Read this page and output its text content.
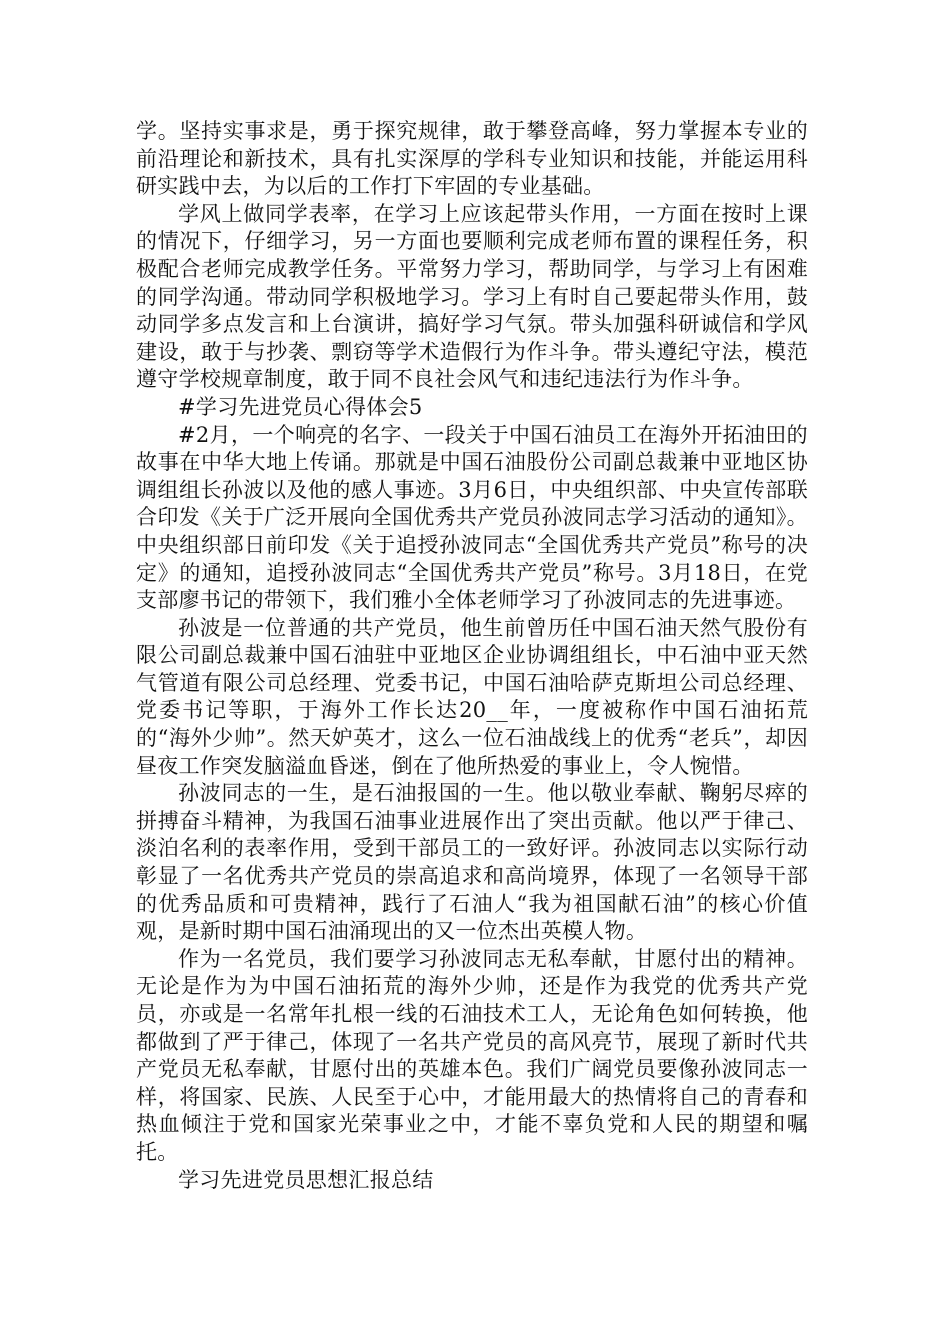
学。坚持实事求是，勇于探究规律，敢于攀登高峰，努力掌握本专业的前沿理论和新技术，具有扎实深厚的学科专业知识和技能，并能运用科研实践中去，为以后的工作打下牢固的专业基础。

学风上做同学表率，在学习上应该起带头作用，一方面在按时上课的情况下，仔细学习，另一方面也要顺利完成老师布置的课程任务，积极配合老师完成教学任务。平常努力学习，帮助同学，与学习上有困难的同学沟通。带动同学积极地学习。学习上有时自己要起带头作用，鼓动同学多点发言和上台演讲，搞好学习气氛。带头加强科研诚信和学风建设，敢于与抄袭、剽窃等学术造假行为作斗争。带头遵纪守法，模范遵守学校规章制度，敢于同不良社会风气和违纪违法行为作斗争。

#学习先进党员心得体会5

#2月，一个响亮的名字、一段关于中国石油员工在海外开拓油田的故事在中华大地上传诵。那就是中国石油股份公司副总裁兼中亚地区协调组组长孙波以及他的感人事迹。3月6日，中央组织部、中央宣传部联合印发《关于广泛开展向全国优秀共产党员孙波同志学习活动的通知》。中央组织部日前印发《关于追授孙波同志“全国优秀共产党员”称号的决定》的通知，追授孙波同志“全国优秀共产党员”称号。3月18日，在党支部廖书记的带领下，我们雅小全体老师学习了孙波同志的先进事迹。

孙波是一位普通的共产党员，他生前曾历任中国石油天然气股份有限公司副总裁兼中国石油驻中亚地区企业协调组组长，中石油中亚天然气管道有限公司总经理、党委书记，中国石油哈萨克斯坦公司总经理、党委书记等职，于海外工作长达20__年，一度被称作中国石油拓荒的“海外少帅”。然天妒英才，这么一位石油战线上的优秀“老兵”，却因昼夜工作突发脑溢血昏迷，倒在了他所热爱的事业上，令人惋惜。

孙波同志的一生，是石油报国的一生。他以敬业奉献、鞠躬尽瘁的拼搏奋斗精神，为我国石油事业进展作出了突出贡献。他以严于律己、淡泊名利的表率作用，受到干部员工的一致好评。孙波同志以实际行动彰显了一名优秀共产党员的崇高追求和高尚境界，体现了一名领导干部的优秀品质和可贵精神，践行了石油人“我为祖国献石油”的核心价值观，是新时期中国石油涌现出的又一位杰出英模人物。

作为一名党员，我们要学习孙波同志无私奉献，甘愿付出的精神。无论是作为为中国石油拓荒的海外少帅，还是作为我党的优秀共产党员，亦或是一名常年扎根一线的石油技术工人，无论角色如何转换，他都做到了严于律己，体现了一名共产党员的高风亮节，展现了新时代共产党员无私奉献，甘愿付出的英雄本色。我们广阔党员要像孙波同志一样，将国家、民族、人民至于心中，才能用最大的热情将自己的青春和热血倾注于党和国家光荣事业之中，才能不辜负党和人民的期望和嘱托。

学习先进党员思想汇报总结
